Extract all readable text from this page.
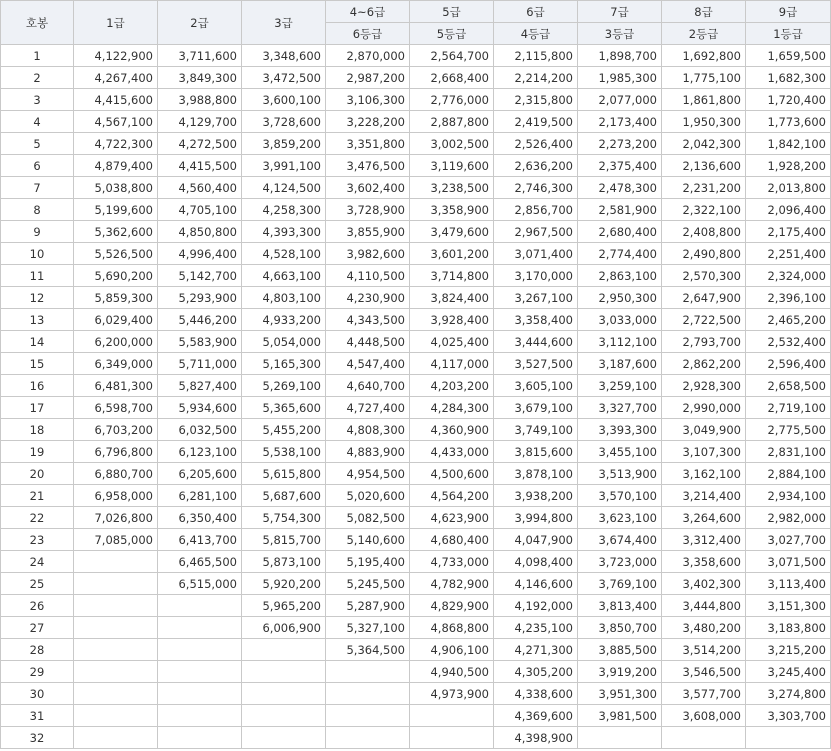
호봉	1급	2급	3급	4~6급	5급	6급	7급	8급	9급
				6등급	5등급	4등급	3등급	2등급	1등급
1	4,122,900	3,711,600	3,348,600	2,870,000	2,564,700	2,115,800	1,898,700	1,692,800	1,659,500
2	4,267,400	3,849,300	3,472,500	2,987,200	2,668,400	2,214,200	1,985,300	1,775,100	1,682,300
3	4,415,600	3,988,800	3,600,100	3,106,300	2,776,000	2,315,800	2,077,000	1,861,800	1,720,400
4	4,567,100	4,129,700	3,728,600	3,228,200	2,887,800	2,419,500	2,173,400	1,950,300	1,773,600
5	4,722,300	4,272,500	3,859,200	3,351,800	3,002,500	2,526,400	2,273,200	2,042,300	1,842,100
6	4,879,400	4,415,500	3,991,100	3,476,500	3,119,600	2,636,200	2,375,400	2,136,600	1,928,200
7	5,038,800	4,560,400	4,124,500	3,602,400	3,238,500	2,746,300	2,478,300	2,231,200	2,013,800
8	5,199,600	4,705,100	4,258,300	3,728,900	3,358,900	2,856,700	2,581,900	2,322,100	2,096,400
9	5,362,600	4,850,800	4,393,300	3,855,900	3,479,600	2,967,500	2,680,400	2,408,800	2,175,400
10	5,526,500	4,996,400	4,528,100	3,982,600	3,601,200	3,071,400	2,774,400	2,490,800	2,251,400
11	5,690,200	5,142,700	4,663,100	4,110,500	3,714,800	3,170,000	2,863,100	2,570,300	2,324,000
12	5,859,300	5,293,900	4,803,100	4,230,900	3,824,400	3,267,100	2,950,300	2,647,900	2,396,100
13	6,029,400	5,446,200	4,933,200	4,343,500	3,928,400	3,358,400	3,033,000	2,722,500	2,465,200
14	6,200,000	5,583,900	5,054,000	4,448,500	4,025,400	3,444,600	3,112,100	2,793,700	2,532,400
15	6,349,000	5,711,000	5,165,300	4,547,400	4,117,000	3,527,500	3,187,600	2,862,200	2,596,400
16	6,481,300	5,827,400	5,269,100	4,640,700	4,203,200	3,605,100	3,259,100	2,928,300	2,658,500
17	6,598,700	5,934,600	5,365,600	4,727,400	4,284,300	3,679,100	3,327,700	2,990,000	2,719,100
18	6,703,200	6,032,500	5,455,200	4,808,300	4,360,900	3,749,100	3,393,300	3,049,900	2,775,500
19	6,796,800	6,123,100	5,538,100	4,883,900	4,433,000	3,815,600	3,455,100	3,107,300	2,831,100
20	6,880,700	6,205,600	5,615,800	4,954,500	4,500,600	3,878,100	3,513,900	3,162,100	2,884,100
21	6,958,000	6,281,100	5,687,600	5,020,600	4,564,200	3,938,200	3,570,100	3,214,400	2,934,100
22	7,026,800	6,350,400	5,754,300	5,082,500	4,623,900	3,994,800	3,623,100	3,264,600	2,982,000
23	7,085,000	6,413,700	5,815,700	5,140,600	4,680,400	4,047,900	3,674,400	3,312,400	3,027,700
24		6,465,500	5,873,100	5,195,400	4,733,000	4,098,400	3,723,000	3,358,600	3,071,500
25		6,515,000	5,920,200	5,245,500	4,782,900	4,146,600	3,769,100	3,402,300	3,113,400
26			5,965,200	5,287,900	4,829,900	4,192,000	3,813,400	3,444,800	3,151,300
27			6,006,900	5,327,100	4,868,800	4,235,100	3,850,700	3,480,200	3,183,800
28				5,364,500	4,906,100	4,271,300	3,885,500	3,514,200	3,215,200
29					4,940,500	4,305,200	3,919,200	3,546,500	3,245,400
30					4,973,900	4,338,600	3,951,300	3,577,700	3,274,800
31						4,369,600	3,981,500	3,608,000	3,303,700
32						4,398,900			
